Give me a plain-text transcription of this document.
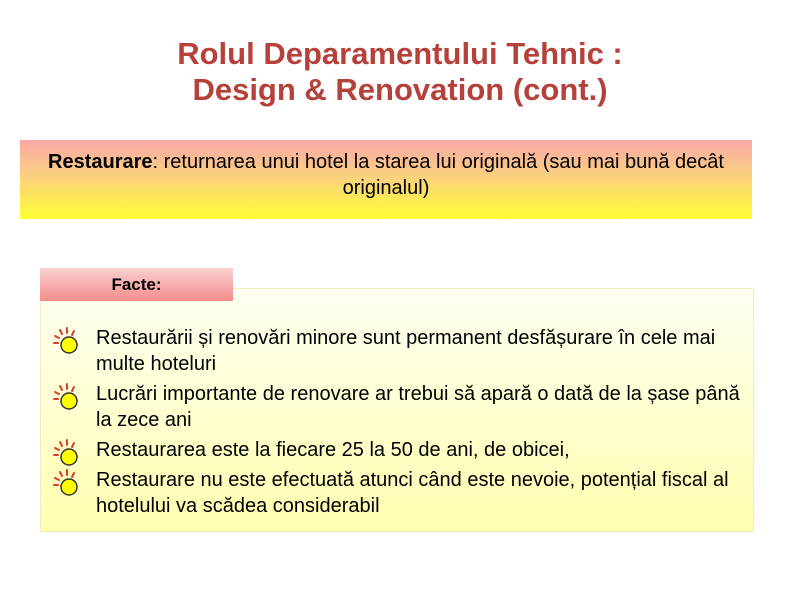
Rolul Deparamentului Tehnic :
Design & Renovation (cont.)
Restaurare: returnarea unui hotel la starea lui originală (sau mai bună decât originalul)
Facte:
Restaurării și renovări minore sunt permanent desfășurare în cele mai multe hoteluri
Lucrări importante de renovare ar trebui să apară o dată de la șase până la zece ani
Restaurarea este la fiecare 25 la 50 de ani, de obicei,
Restaurare nu este efectuată atunci când este nevoie, potențial fiscal al hotelului va scădea considerabil
